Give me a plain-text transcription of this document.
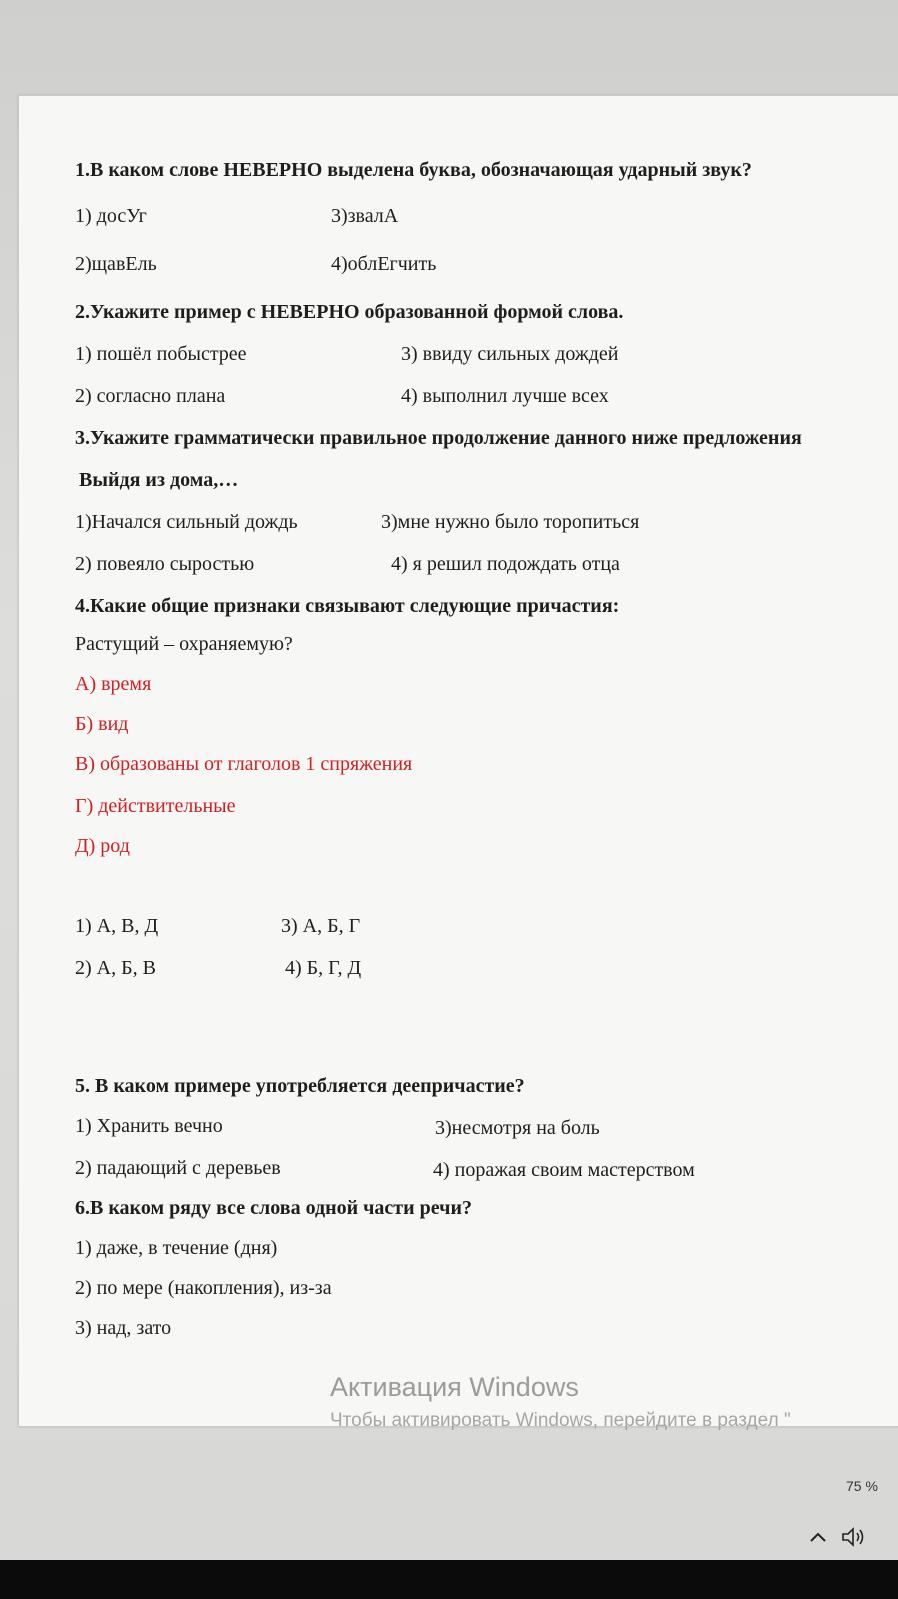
1.В каком слове НЕВЕРНО выделена буква, обозначающая ударный звук?
1) досУг	3)звалА
2)щавЕль	4)облЕгчить
2.Укажите пример с НЕВЕРНО образованной формой слова.
1) пошёл побыстрее	3) ввиду сильных дождей
2) согласно плана	4) выполнил лучше всех
3.Укажите грамматически правильное продолжение данного ниже предложения
Выйдя из дома,…
1)Начался сильный дождь	3)мне нужно было торопиться
2) повеяло сыростью	4) я решил подождать отца
4.Какие общие признаки связывают следующие причастия:
Растущий – охраняемую?
А) время
Б) вид
В) образованы от глаголов 1 спряжения
Г) действительные
Д) род
1) А, В, Д	3) А, Б, Г
2) А, Б, В	4) Б, Г, Д
5. В каком примере употребляется деепричастие?
1) Хранить вечно	3)несмотря на боль
2) падающий с деревьев	4) поражая своим мастерством
6.В каком ряду все слова одной части речи?
1) даже, в течение (дня)
2) по мере (накопления), из-за
3) над, зато
Активация Windows
Чтобы активировать Windows, перейдите в раздел "
75 %
